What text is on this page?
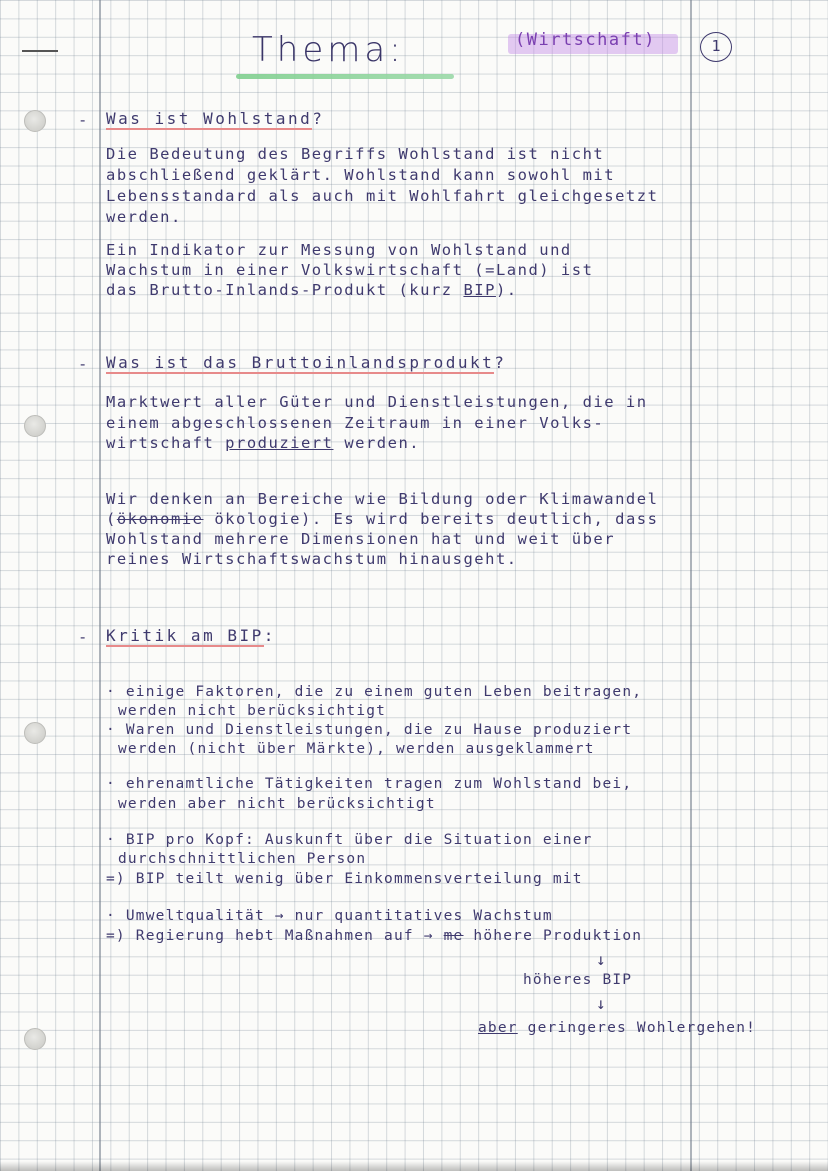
Thema:	(Wirtschaft)	1
- Was ist Wohlstand?
Die Bedeutung des Begriffs Wohlstand ist nicht
abschließend geklärt. Wohlstand kann sowohl mit
Lebensstandard als auch mit Wohlfahrt gleichgesetzt
werden.
Ein Indikator zur Messung von Wohlstand und
Wachstum in einer Volkswirtschaft (=Land) ist
das Brutto-Inlands-Produkt (kurz BIP).
- Was ist das Bruttoinlandsprodukt?
Marktwert aller Güter und Dienstleistungen, die in
einem abgeschlossenen Zeitraum in einer Volks-
wirtschaft produziert werden.
Wir denken an Bereiche wie Bildung oder Klimawandel
(ökonomie ökologie). Es wird bereits deutlich, dass
Wohlstand mehrere Dimensionen hat und weit über
reines Wirtschaftswachstum hinausgeht.
- Kritik am BIP:
· einige Faktoren, die zu einem guten Leben beitragen,
werden nicht berücksichtigt
· Waren und Dienstleistungen, die zu Hause produziert
werden (nicht über Märkte), werden ausgeklammert
· ehrenamtliche Tätigkeiten tragen zum Wohlstand bei,
werden aber nicht berücksichtigt
· BIP pro Kopf: Auskunft über die Situation einer
durchschnittlichen Person
=) BIP teilt wenig über Einkommensverteilung mit
· Umweltqualität → nur quantitatives Wachstum
=) Regierung hebt Maßnahmen auf → me höhere Produktion
↓
höheres BIP
↓
aber geringeres Wohlergehen!
